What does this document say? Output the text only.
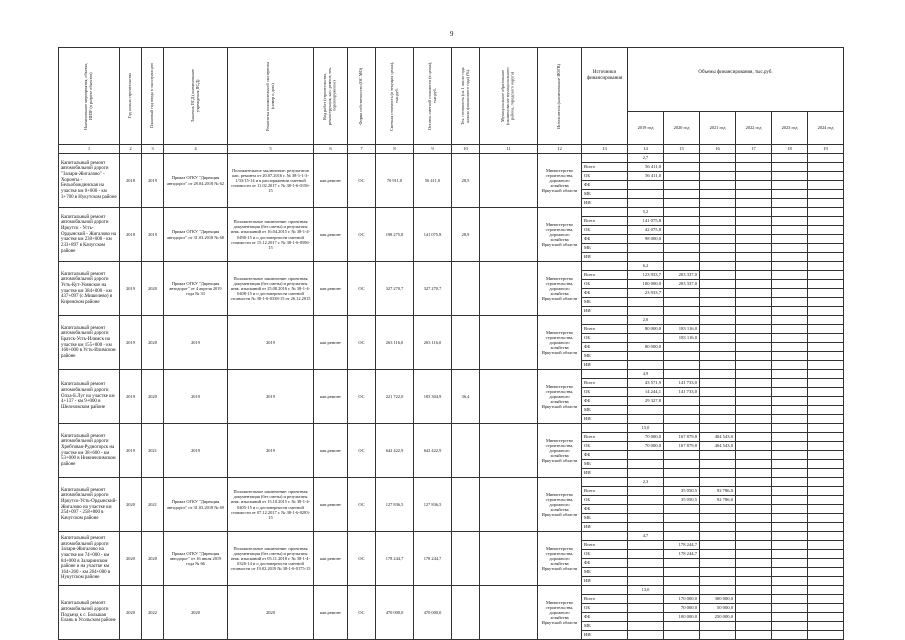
9
Наименование мероприятия, объекта, ИИЗР (в разрезе объектов)	Год начала строительства	Плановый год ввода в эксплуатацию	Заказчик ПСД (наименование учреждения ПСД)	Реквизиты положительной экспертизы (номер и дата)	Вид работ (строительство, реконструкция, кап. ремонт, тех. перевооружение)	Форма собственности (ОС МО)	Сметная стоимость (в текущих ценах), тыс.руб.	Остаток сметной стоимости (в ценах), тыс.руб.	Тех. готовность (на 1 число года начала финансового года) (%)	Муниципальное образование (наименование муниципального района, городского округа)	Исполнитель (наименование ИОГВ)	Источники финансирования	Объемы финансирования, тыс.руб.					
													2019 год	2020 год	2021 год	2022 год	2023 год	2024 год
1	2	3	4	5	6	7	8	9	10	11	12	13	14	15	16	17	18	19
Капитальный ремонт автомобильной дороги "Залари-Жигалово" - Хоронгы - Бельобождинская на участке км 0+000 - км 3+700 в Нукутском районе	2018	2019	Приказ ОГКУ "Дирекция автодорог" от 28.04.2018 № 62	Положительное заключение: результатов кап. ремонта от 20.07.2016 г. № 38-1-1-3-1/33/15-14 и в распоряжении сметной стоимости от 11.02.2017 г. № 38-1-6-0156-15	кап.ремонт	ОС	76 911,0	56 411,0	28,5		Министерство строительства, дорожного хозяйства Иркутской области		2,7					
												Всего	56 411,0					
												ОБ	56 411,0					
												ФБ						
												МБ						
												ИИ						
Капитальный ремонт автомобильной дороги Иркутск - Усть-Ордынский - Жигалово на участке км 230+000 - км 233+897 в Качугском районе	2018	2019	Приказ ОГКУ "Дирекция автодорог" от 31.03.2018 № 68	Положительное заключение: проектная документация (без сметы) и результаты инж. изысканий от 16.04.2015 г. № 38-1-4-0490-15 и о достоверности сметной стоимости от 15.12.2017 г. № 38-1-6-0506-15	кап.ремонт	ОС	198 275,8	141 075,8	28,9		Министерство строительства, дорожного хозяйства Иркутской области		5,2					
												Всего	141 075,8					
												ОБ	42 075,8					
												ФБ	98 000,0					
												МБ						
												ИИ						
Капитальный ремонт автомобильной дороги Усть-Кут-Уоянское на участке км 384+000 - км 437+097 (с.Мишелево) в Киренском районе	2019	2020	Приказ ОГКУ "Дирекция автодорог" от 4 апреля 2019 года № 33	Положительное заключение: проектная документация (без сметы) и результаты инж. изысканий от 25.08.2016 г. № 38-1-4-0408-15 и о достоверности сметной стоимости № 38-1-6-0338-15 от 26.12.2015	кап.ремонт	ОС	327 270,7	327 270,7			Министерство строительства, дорожного хозяйства Иркутской области		6,2					
												Всего	123 933,7	203 337,0				
												ОБ	100 000,0	203 337,0				
												ФБ	23 933,7					
												МБ						
												ИИ						
Капитальный ремонт автомобильной дороги Братск-Усть-Илимск на участке км 155+000 - км 160+000 в Усть-Илимском районе	2019	2020	2019	2019	кап.ремонт	ОС	263 116,0	263 116,0			Министерство строительства, дорожного хозяйства Иркутской области		2,0					
												Всего	80 000,0	183 116,0				
												ОБ		183 116,0				
												ФБ	80 000,0					
												МБ						
												ИИ						
Капитальный ремонт автомобильной дороги Олха-Б.Луг на участке км 4+137 - км 9+000 в Шелеховском районе	2019	2020	2019	2019	кап.ремонт	ОС	221 722,0	183 304,9	36,4		Министерство строительства, дорожного хозяйства Иркутской области		4,9					
												Всего	43 571,9	141 733,0				
												ОБ	14 244,1	141 733,0				
												ФБ	29 327,8					
												МБ						
												ИИ						
Капитальный ремонт автомобильной дороги Хребтовая-Рудногорск на участке км 38+600 - км 53+000 в Нижнеилимском районе	2019	2021	2019	2019	кап.ремонт	ОС	642 422,9	642 422,9			Министерство строительства, дорожного хозяйства Иркутской области		15,0					
												Всего	70 000,0	167 879,8	404 543,0			
												ОБ	70 000,0	167 879,8	404 543,0			
												ФБ						
												МБ						
												ИИ						
Капитальный ремонт автомобильной дороги Иркутск-Усть-Ордынский-Жигалово на участке км 254+097 - 258+800 в Качугском районе	2020	2021	Приказ ОГКУ "Дирекция автодорог" от 31.03.2018 № 69	Положительное заключение: проектная документация (без сметы) и результаты инж. изысканий от 15.10.2015 г. № 38-1-4-0405-15 и о достоверности сметной стоимости от 07.12.2017 г. № 38-1-6-0283-15	кап.ремонт	ОС	127 836,5	127 836,5			Министерство строительства, дорожного хозяйства Иркутской области		2,3					
												Всего		35 050,5	92 786,0			
												ОБ		35 050,5	92 786,0			
												ФБ						
												МБ						
												ИИ						
Капитальный ремонт автомобильной дороги Залари-Жигалово на участке км 74+000 - км 84+000 в Заларинском районе и на участке км 164+260 - км 264+000 в Нукутском районе	2020	2020	Приказ ОГКУ "Дирекция автодорог" от 16 июля 2019 года № 66	Положительное заключение: проектная документация (без сметы) и результаты инж. изысканий от 05.11.2018 г. № 38-1-4-0326-14 и о достоверности сметной стоимости от 19.02.2019 № 38-1-6-0175-15	кап.ремонт	ОС	178 244,7	178 244,7			Министерство строительства, дорожного хозяйства Иркутской области		4,7					
												Всего		178 244,7				
												ОБ		178 244,7				
												ФБ						
												МБ						
												ИИ						
Капитальный ремонт автомобильной дороги Подъезд к с. Большая Елань в Усольском районе	2020	2022	2020	2020	кап.ремонт	ОС	470 000,0	470 000,0			Министерство строительства, дорожного хозяйства Иркутской области		13,0					
												Всего		170 000,0	300 000,0			
												ОБ		70 000,0	50 000,0			
												ФБ		100 000,0	250 000,0			
												МБ						
												ИИ						
